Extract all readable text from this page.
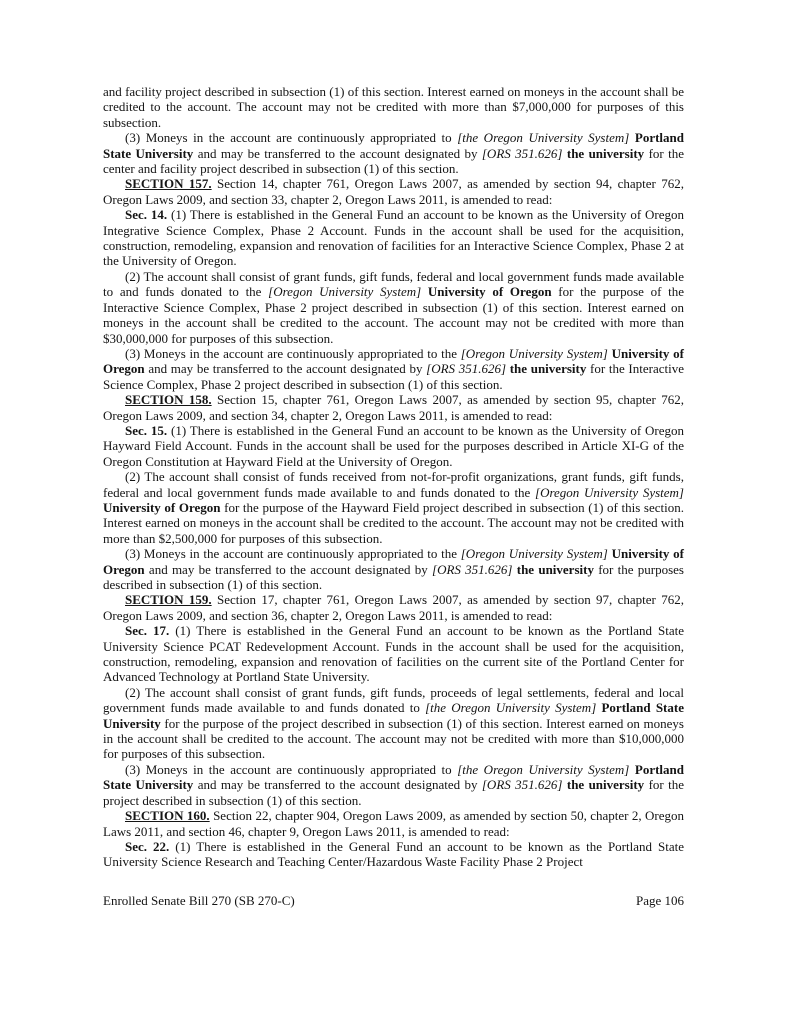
and facility project described in subsection (1) of this section. Interest earned on moneys in the account shall be credited to the account. The account may not be credited with more than $7,000,000 for purposes of this subsection.

(3) Moneys in the account are continuously appropriated to [the Oregon University System] Portland State University and may be transferred to the account designated by [ORS 351.626] the university for the center and facility project described in subsection (1) of this section.

SECTION 157. Section 14, chapter 761, Oregon Laws 2007, as amended by section 94, chapter 762, Oregon Laws 2009, and section 33, chapter 2, Oregon Laws 2011, is amended to read:

Sec. 14. (1) There is established in the General Fund an account to be known as the University of Oregon Integrative Science Complex, Phase 2 Account. Funds in the account shall be used for the acquisition, construction, remodeling, expansion and renovation of facilities for an Interactive Science Complex, Phase 2 at the University of Oregon.

(2) The account shall consist of grant funds, gift funds, federal and local government funds made available to and funds donated to the [Oregon University System] University of Oregon for the purpose of the Interactive Science Complex, Phase 2 project described in subsection (1) of this section. Interest earned on moneys in the account shall be credited to the account. The account may not be credited with more than $30,000,000 for purposes of this subsection.

(3) Moneys in the account are continuously appropriated to the [Oregon University System] University of Oregon and may be transferred to the account designated by [ORS 351.626] the university for the Interactive Science Complex, Phase 2 project described in subsection (1) of this section.

SECTION 158. Section 15, chapter 761, Oregon Laws 2007, as amended by section 95, chapter 762, Oregon Laws 2009, and section 34, chapter 2, Oregon Laws 2011, is amended to read:

Sec. 15. (1) There is established in the General Fund an account to be known as the University of Oregon Hayward Field Account. Funds in the account shall be used for the purposes described in Article XI-G of the Oregon Constitution at Hayward Field at the University of Oregon.

(2) The account shall consist of funds received from not-for-profit organizations, grant funds, gift funds, federal and local government funds made available to and funds donated to the [Oregon University System] University of Oregon for the purpose of the Hayward Field project described in subsection (1) of this section. Interest earned on moneys in the account shall be credited to the account. The account may not be credited with more than $2,500,000 for purposes of this subsection.

(3) Moneys in the account are continuously appropriated to the [Oregon University System] University of Oregon and may be transferred to the account designated by [ORS 351.626] the university for the purposes described in subsection (1) of this section.

SECTION 159. Section 17, chapter 761, Oregon Laws 2007, as amended by section 97, chapter 762, Oregon Laws 2009, and section 36, chapter 2, Oregon Laws 2011, is amended to read:

Sec. 17. (1) There is established in the General Fund an account to be known as the Portland State University Science PCAT Redevelopment Account. Funds in the account shall be used for the acquisition, construction, remodeling, expansion and renovation of facilities on the current site of the Portland Center for Advanced Technology at Portland State University.

(2) The account shall consist of grant funds, gift funds, proceeds of legal settlements, federal and local government funds made available to and funds donated to [the Oregon University System] Portland State University for the purpose of the project described in subsection (1) of this section. Interest earned on moneys in the account shall be credited to the account. The account may not be credited with more than $10,000,000 for purposes of this subsection.

(3) Moneys in the account are continuously appropriated to [the Oregon University System] Portland State University and may be transferred to the account designated by [ORS 351.626] the university for the project described in subsection (1) of this section.

SECTION 160. Section 22, chapter 904, Oregon Laws 2009, as amended by section 50, chapter 2, Oregon Laws 2011, and section 46, chapter 9, Oregon Laws 2011, is amended to read:

Sec. 22. (1) There is established in the General Fund an account to be known as the Portland State University Science Research and Teaching Center/Hazardous Waste Facility Phase 2 Project

Enrolled Senate Bill 270 (SB 270-C)	Page 106
